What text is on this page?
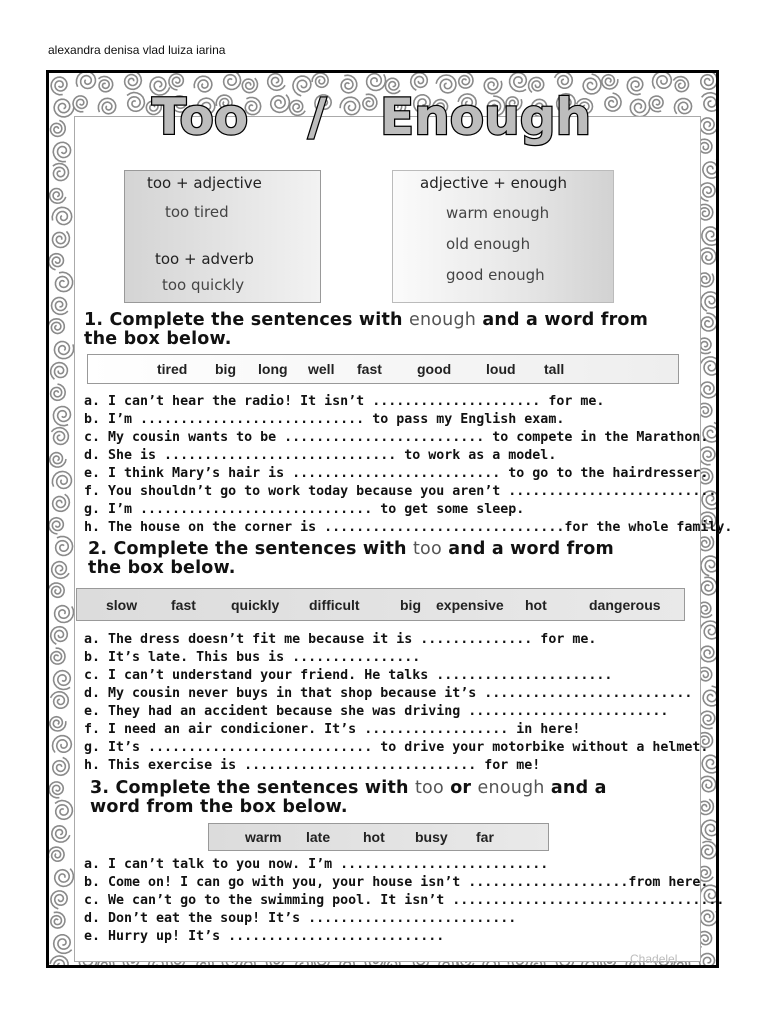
alexandra denisa vlad luiza iarina
Too / Enough
too + adjective
too tired
too + adverb
too quickly
adjective + enough
warm enough
old enough
good enough
1. Complete the sentences with enough and a word from
the box below.
tired big long well fast	good loud tall
a. I can’t hear the radio! It isn’t ..................... for me.
b. I’m ............................ to pass my English exam.
c. My cousin wants to be ......................... to compete in the Marathon.
d. She is ............................. to work as a model.
e. I think Mary’s hair is .......................... to go to the hairdresser.
f. You shouldn’t go to work today because you aren’t ..........................
g. I’m ............................. to get some sleep.
h. The house on the corner is ..............................for the whole family.
2. Complete the sentences with too and a word from
the box below.
slow fast	quickly difficult	big expensive hot	dangerous
a. The dress doesn’t fit me because it is .............. for me.
b. It’s late. This bus is ................
c. I can’t understand your friend. He talks ......................
d. My cousin never buys in that shop because it’s ..........................
e. They had an accident because she was driving .........................
f. I need an air condicioner. It’s .................. in here!
g. It’s ............................ to drive your motorbike without a helmet.
h. This exercise is ............................. for me!
3. Complete the sentences with too or enough and a
word from the box below.
warm late hot busy far
a. I can’t talk to you now. I’m ..........................
b. Come on! I can go with you, your house isn’t ....................from here.
c. We can’t go to the swimming pool. It isn’t ..................................
d. Don’t eat the soup! It’s ..........................
e. Hurry up! It’s ...........................
Chadelel
